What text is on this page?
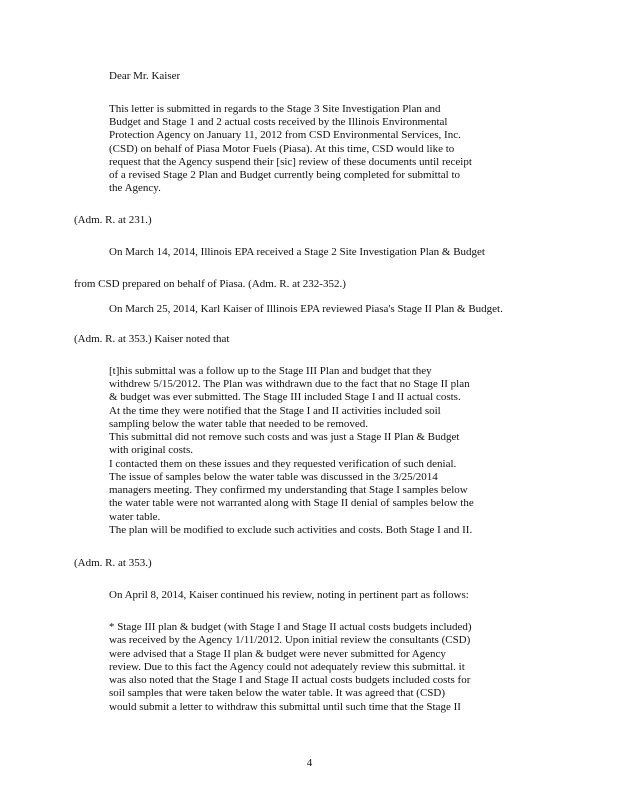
Dear Mr. Kaiser
This letter is submitted in regards to the Stage 3 Site Investigation Plan and
Budget and Stage 1 and 2 actual costs received by the Illinois Environmental
Protection Agency on January 11, 2012 from CSD Environmental Services, Inc.
(CSD) on behalf of Piasa Motor Fuels (Piasa). At this time, CSD would like to
request that the Agency suspend their [sic] review of these documents until receipt
of a revised Stage 2 Plan and Budget currently being completed for submittal to
the Agency.
(Adm. R. at 231.)
On March 14, 2014, Illinois EPA received a Stage 2 Site Investigation Plan & Budget
from CSD prepared on behalf of Piasa. (Adm. R. at 232-352.)
On March 25, 2014, Karl Kaiser of Illinois EPA reviewed Piasa's Stage II Plan & Budget.
(Adm. R. at 353.) Kaiser noted that
[t]his submittal was a follow up to the Stage III Plan and budget that they
withdrew 5/15/2012. The Plan was withdrawn due to the fact that no Stage II plan
& budget was ever submitted. The Stage III included Stage I and II actual costs.
At the time they were notified that the Stage I and II activities included soil
sampling below the water table that needed to be removed.
This submittal did not remove such costs and was just a Stage II Plan & Budget
with original costs.
I contacted them on these issues and they requested verification of such denial.
The issue of samples below the water table was discussed in the 3/25/2014
managers meeting. They confirmed my understanding that Stage I samples below
the water table were not warranted along with Stage II denial of samples below the
water table.
The plan will be modified to exclude such activities and costs. Both Stage I and II.
(Adm. R. at 353.)
On April 8, 2014, Kaiser continued his review, noting in pertinent part as follows:
* Stage III plan & budget (with Stage I and Stage II actual costs budgets included)
was received by the Agency 1/11/2012. Upon initial review the consultants (CSD)
were advised that a Stage II plan & budget were never submitted for Agency
review. Due to this fact the Agency could not adequately review this submittal. it
was also noted that the Stage I and Stage II actual costs budgets included costs for
soil samples that were taken below the water table. It was agreed that (CSD)
would submit a letter to withdraw this submittal until such time that the Stage II
4
